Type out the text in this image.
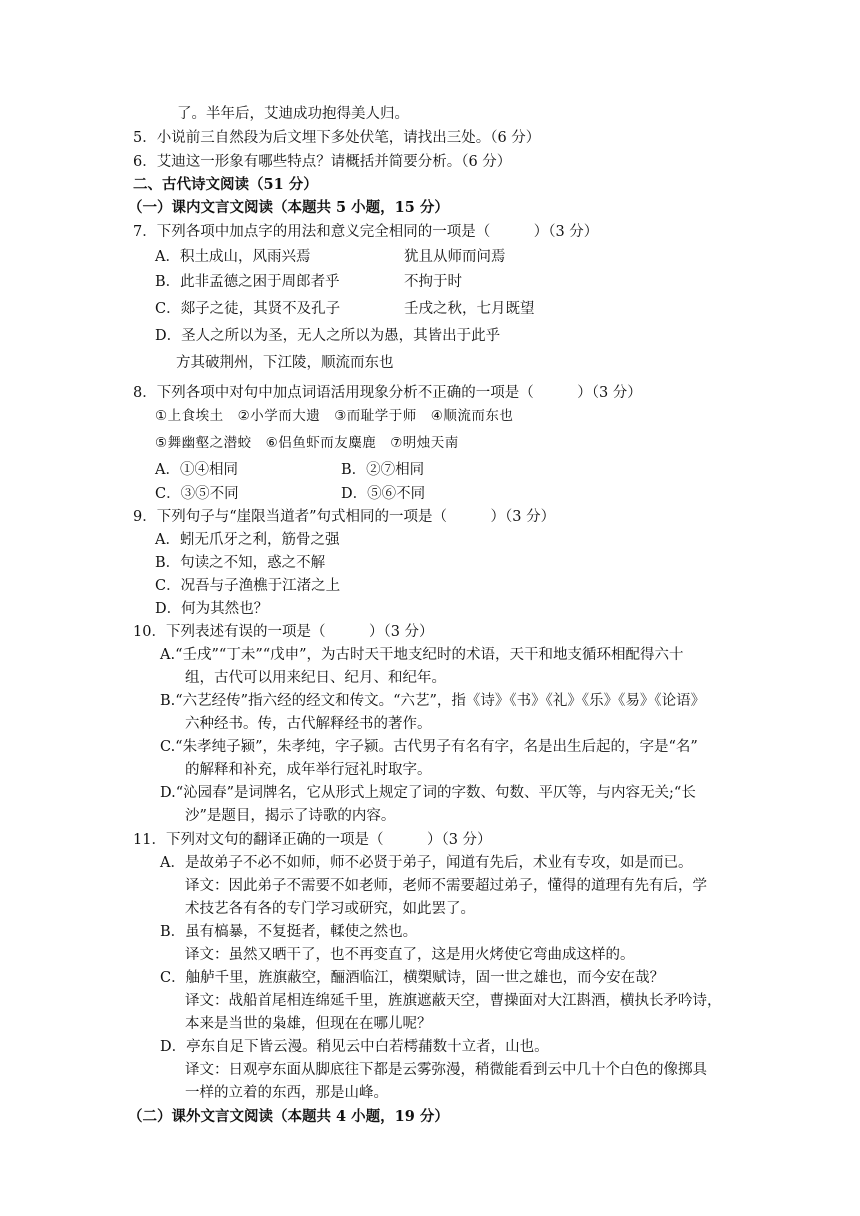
了。半年后，艾迪成功抱得美人归。
5．小说前三自然段为后文埋下多处伏笔，请找出三处。（6 分）
6．艾迪这一形象有哪些特点？请概括并简要分析。（6 分）
二、古代诗文阅读（51 分）
（一）课内文言文阅读（本题共 5 小题，15 分）
7．下列各项中加点字的用法和意义完全相同的一项是（　　　）（3 分）
A．积土成山，风雨兴焉	犹且从师而问焉
B．此非孟德之困于周郎者乎	不拘于时
C．郯子之徒，其贤不及孔子	壬戌之秋，七月既望
D．圣人之所以为圣，无人之所以为愚，其皆出于此乎
方其破荆州，下江陵，顺流而东也
8．下列各项中对句中加点词语活用现象分析不正确的一项是（　　　）（3 分）
①上食埃土　②小学而大遗　③而耻学于师　④顺流而东也
⑤舞幽壑之潜蛟　⑥侣鱼虾而友麋鹿　⑦明烛天南
A．①④相同	B．②⑦相同
C．③⑤不同	D．⑤⑥不同
9．下列句子与“崖限当道者”句式相同的一项是（　　　）（3 分）
A．蚓无爪牙之利，筋骨之强
B．句读之不知，惑之不解
C．况吾与子渔樵于江渚之上
D．何为其然也？
10．下列表述有误的一项是（　　　）（3 分）
A.“壬戌”“丁未”“戊申”，为古时天干地支纪时的术语，天干和地支循环相配得六十
组，古代可以用来纪日、纪月、和纪年。
B.“六艺经传”指六经的经文和传文。“六艺”，指《诗》《书》《礼》《乐》《易》《论语》
六种经书。传，古代解释经书的著作。
C.“朱孝纯子颍”，朱孝纯，字子颍。古代男子有名有字，名是出生后起的，字是“名”
的解释和补充，成年举行冠礼时取字。
D.“沁园春”是词牌名，它从形式上规定了词的字数、句数、平仄等，与内容无关;“长
沙”是题目，揭示了诗歌的内容。
11．下列对文句的翻译正确的一项是（　　　）（3 分）
A．是故弟子不必不如师，师不必贤于弟子，闻道有先后，术业有专攻，如是而已。
译文：因此弟子不需要不如老师，老师不需要超过弟子，懂得的道理有先有后，学
术技艺各有各的专门学习或研究，如此罢了。
B．虽有槁暴，不复挺者，輮使之然也。
译文：虽然又晒干了，也不再变直了，这是用火烤使它弯曲成这样的。
C．舳舻千里，旌旗蔽空，酾酒临江，横槊赋诗，固一世之雄也，而今安在哉？
译文：战船首尾相连绵延千里，旌旗遮蔽天空，曹操面对大江斟酒，横执长矛吟诗，
本来是当世的枭雄，但现在在哪儿呢？
D．亭东自足下皆云漫。稍见云中白若樗蒱数十立者，山也。
译文：日观亭东面从脚底往下都是云雾弥漫，稍微能看到云中几十个白色的像掷具
一样的立着的东西，那是山峰。
（二）课外文言文阅读（本题共 4 小题，19 分）
